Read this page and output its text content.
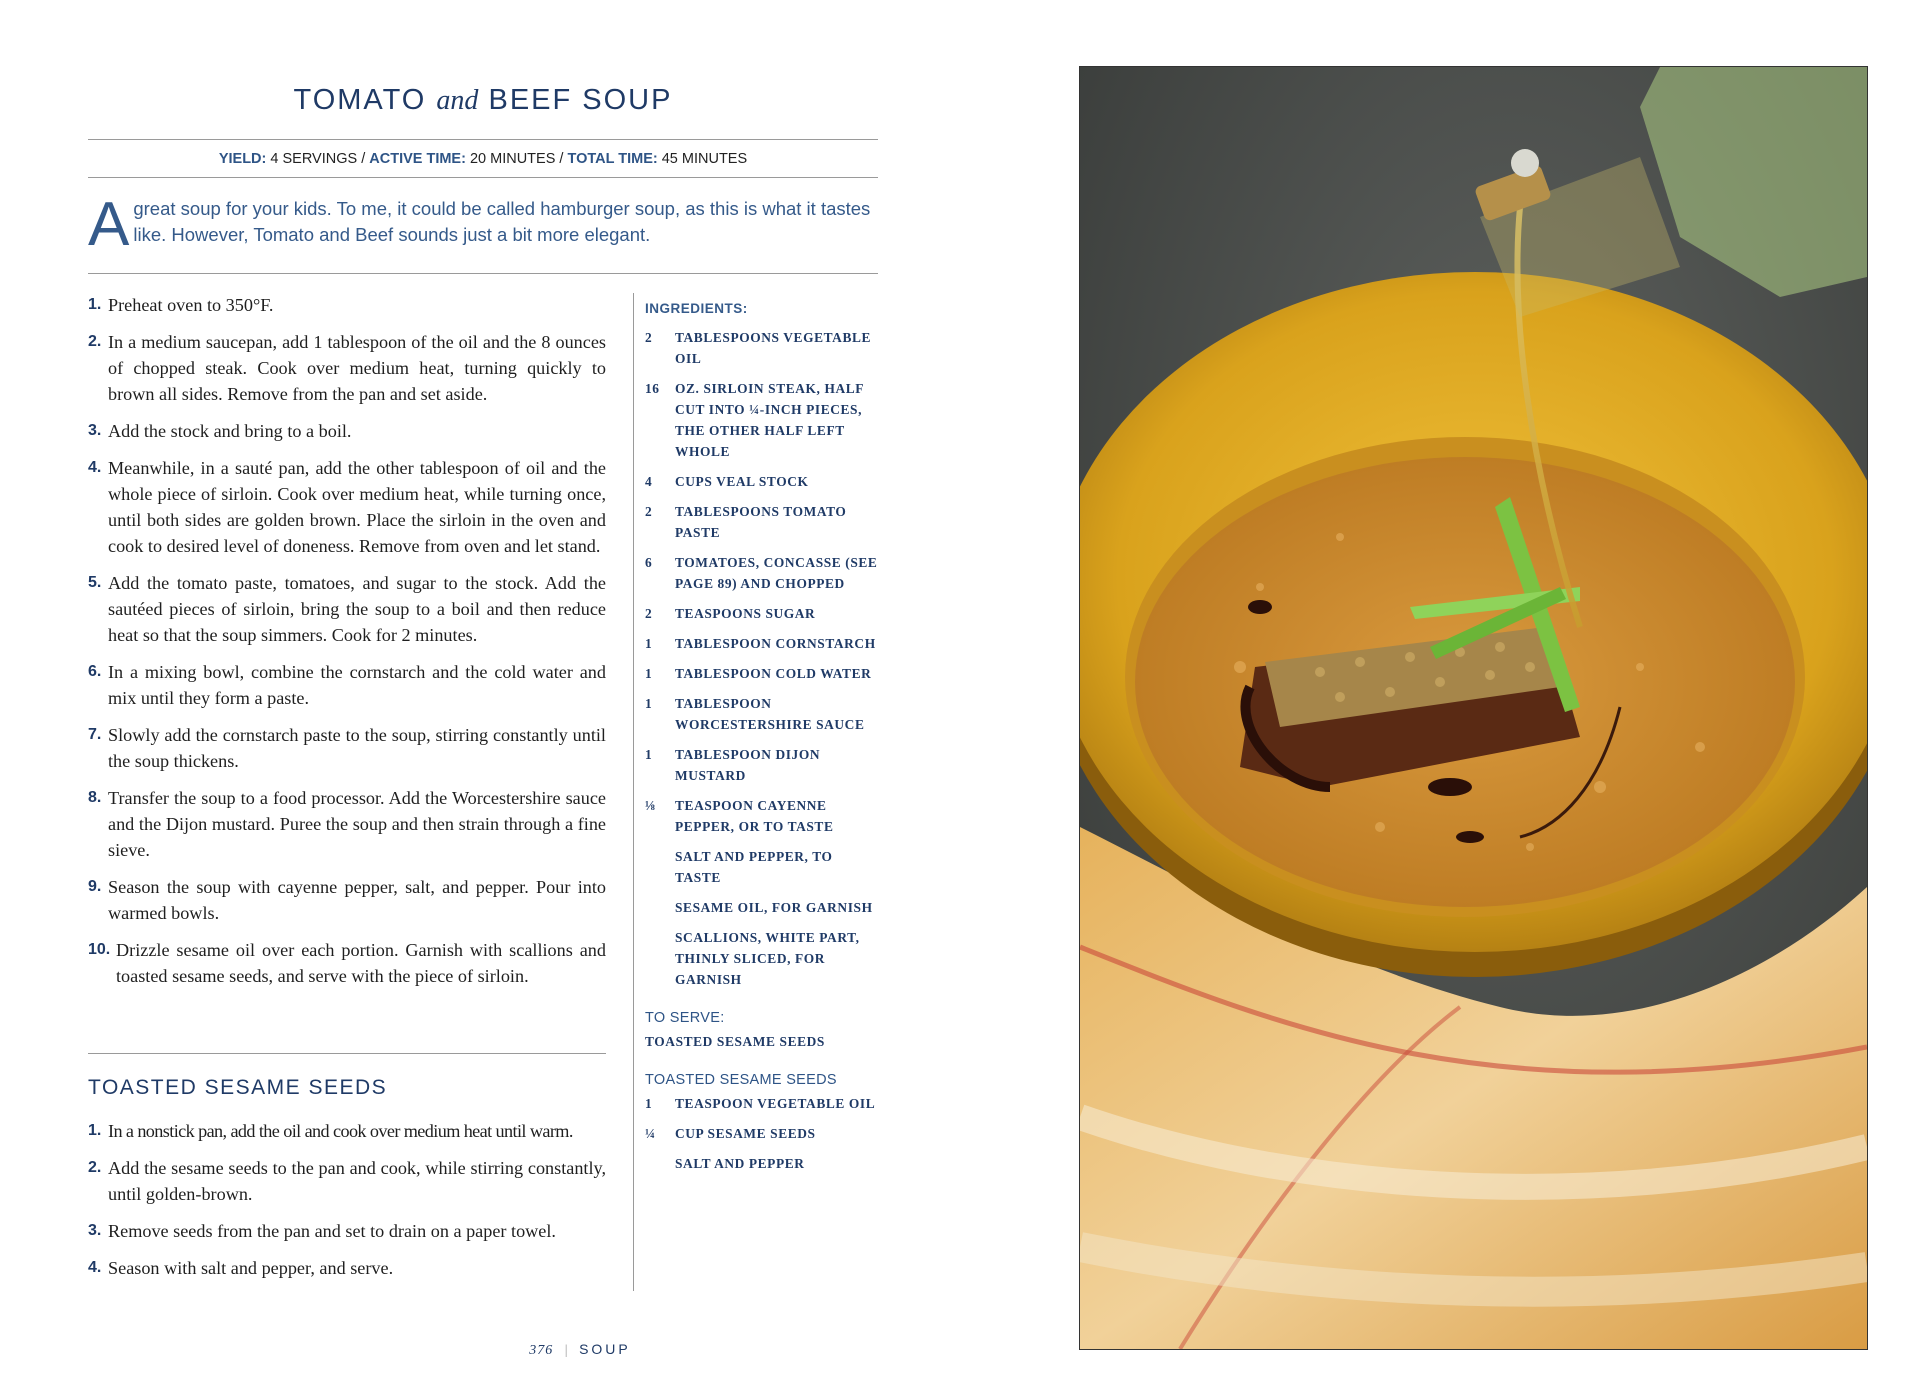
TOMATO and BEEF SOUP
YIELD: 4 SERVINGS / ACTIVE TIME: 20 MINUTES / TOTAL TIME: 45 MINUTES
A great soup for your kids. To me, it could be called hamburger soup, as this is what it tastes like. However, Tomato and Beef sounds just a bit more elegant.
1. Preheat oven to 350°F.
2. In a medium saucepan, add 1 tablespoon of the oil and the 8 ounces of chopped steak. Cook over medium heat, turning quickly to brown all sides. Remove from the pan and set aside.
3. Add the stock and bring to a boil.
4. Meanwhile, in a sauté pan, add the other tablespoon of oil and the whole piece of sirloin. Cook over medium heat, while turning once, until both sides are golden brown. Place the sirloin in the oven and cook to desired level of doneness. Remove from oven and let stand.
5. Add the tomato paste, tomatoes, and sugar to the stock. Add the sautéed pieces of sirloin, bring the soup to a boil and then reduce heat so that the soup simmers. Cook for 2 minutes.
6. In a mixing bowl, combine the cornstarch and the cold water and mix until they form a paste.
7. Slowly add the cornstarch paste to the soup, stirring constantly until the soup thickens.
8. Transfer the soup to a food processor. Add the Worcestershire sauce and the Dijon mustard. Puree the soup and then strain through a fine sieve.
9. Season the soup with cayenne pepper, salt, and pepper. Pour into warmed bowls.
10. Drizzle sesame oil over each portion. Garnish with scallions and toasted sesame seeds, and serve with the piece of sirloin.
INGREDIENTS:
2 TABLESPOONS VEGETABLE OIL
16 OZ. SIRLOIN STEAK, HALF CUT INTO ¼-INCH PIECES, THE OTHER HALF LEFT WHOLE
4 CUPS VEAL STOCK
2 TABLESPOONS TOMATO PASTE
6 TOMATOES, CONCASSE (SEE PAGE 89) AND CHOPPED
2 TEASPOONS SUGAR
1 TABLESPOON CORNSTARCH
1 TABLESPOON COLD WATER
1 TABLESPOON WORCESTERSHIRE SAUCE
1 TABLESPOON DIJON MUSTARD
⅛ TEASPOON CAYENNE PEPPER, OR TO TASTE
SALT AND PEPPER, TO TASTE
SESAME OIL, FOR GARNISH
SCALLIONS, WHITE PART, THINLY SLICED, FOR GARNISH
TO SERVE:
TOASTED SESAME SEEDS
TOASTED SESAME SEEDS
1 TEASPOON VEGETABLE OIL
¼ CUP SESAME SEEDS
SALT AND PEPPER
TOASTED SESAME SEEDS
1. In a nonstick pan, add the oil and cook over medium heat until warm.
2. Add the sesame seeds to the pan and cook, while stirring constantly, until golden-brown.
3. Remove seeds from the pan and set to drain on a paper towel.
4. Season with salt and pepper, and serve.
376 | SOUP
